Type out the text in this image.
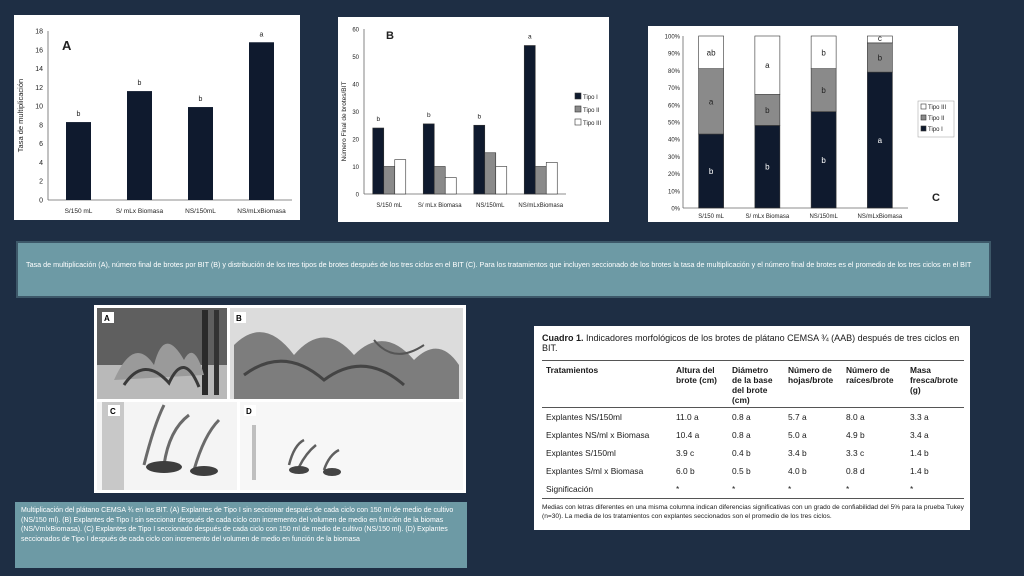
A
0
2
4
6
8
10
12
14
16
18
Tasa de multiplicación	b
S/150 mL
b
S/ mLx Biomasa
b
NS/150mL
a
NS/mLxBiomasa
B
0
10
20
30
40
50
60
Número Final de brotes/BIT	b
S/150 mL
b
S/ mLx Biomasa
b
NS/150mL
a
NS/mLxBiomasa
Tipo I
Tipo II
Tipo III
C
0%
10%
20%
30%
40%
50%
60%
70%
80%
90%
100%
b
a
ab
S/150 mL
b
b
a
S/ mLx Biomasa
b
b
b
NS/150mL
a
b
c
NS/mLxBiomasa
Tipo III
Tipo II
Tipo I
Tasa de multiplicación (A), número final de brotes por BIT (B) y distribución de los tres tipos de brotes después de los tres ciclos en el BIT (C). Para los tratamientos que incluyen seccionado de los brotes la tasa de multiplicación y el número final de brotes es el promedio de los tres ciclos en el BIT
A	B
C	D
Multiplicación del plátano CEMSA ¾ en los BIT. (A) Explantes de Tipo I sin seccionar después de cada ciclo con 150 ml de medio de cultivo (NS/150 ml). (B) Explantes de Tipo I sin seccionar después de cada ciclo con incremento del volumen de medio en función de la biomas (NS/VmlxBiomasa). (C) Explantes de Tipo I seccionado después de cada ciclo con 150 ml de medio de cultivo (NS/150 ml). (D) Explantes seccionados de Tipo I después de cada ciclo con incremento del volumen de medio en función de la biomasa
Cuadro 1. Indicadores morfológicos de los brotes de plátano CEMSA ¾ (AAB) después de tres ciclos en BIT.
Tratamientos	Altura del brote (cm)	Diámetro de la base del brote (cm)	Número de hojas/brote	Número de raíces/brote	Masa fresca/brote (g)
Explantes NS/150ml	11.0 a	0.8 a	5.7 a	8.0 a	3.3 a
Explantes NS/ml x Biomasa	10.4 a	0.8 a	5.0 a	4.9 b	3.4 a
Explantes S/150ml	3.9 c	0.4 b	3.4 b	3.3 c	1.4 b
Explantes S/ml x Biomasa	6.0 b	0.5 b	4.0 b	0.8 d	1.4 b
Significación	*	*	*	*	*
Medias con letras diferentes en una misma columna indican diferencias significativas con un grado de confiabilidad del 5% para la prueba Tukey (n=30). La media de los tratamientos con explantes seccionados son el promedio de los tres ciclos.
